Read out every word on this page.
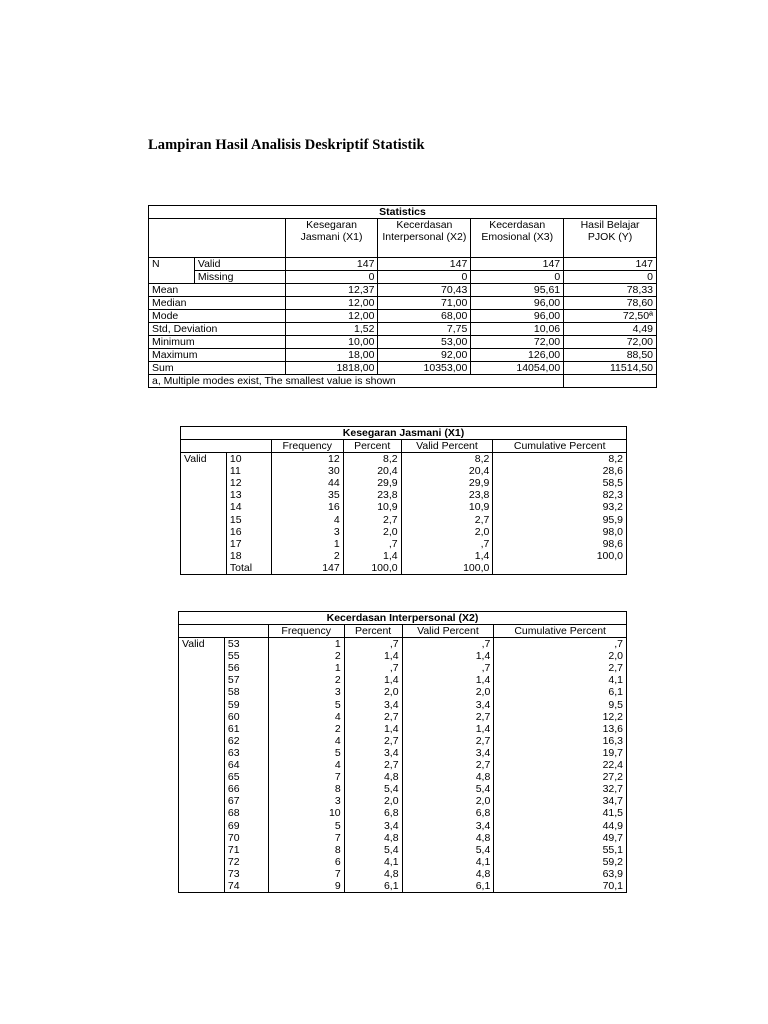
Lampiran Hasil Analisis Deskriptif Statistik
Statistics					
		Kesegaran Jasmani (X1)	Kecerdasan Interpersonal (X2)	Kecerdasan Emosional (X3)	Hasil Belajar PJOK (Y)
N	Valid	147	147	147	147
	Missing	0	0	0	0
Mean		12,37	70,43	95,61	78,33
Median		12,00	71,00	96,00	78,60
Mode		12,00	68,00	96,00	72,50ª
Std, Deviation		1,52	7,75	10,06	4,49
Minimum		10,00	53,00	72,00	72,00
Maximum		18,00	92,00	126,00	88,50
Sum		1818,00	10353,00	14054,00	11514,50
a, Multiple modes exist, The smallest value is shown					
Kesegaran Jasmani (X1)					
		Frequency	Percent	Valid Percent	Cumulative Percent
Valid	10	12	8,2	8,2	8,2
	11	30	20,4	20,4	28,6
	12	44	29,9	29,9	58,5
	13	35	23,8	23,8	82,3
	14	16	10,9	10,9	93,2
	15	4	2,7	2,7	95,9
	16	3	2,0	2,0	98,0
	17	1	,7	,7	98,6
	18	2	1,4	1,4	100,0
	Total	147	100,0	100,0	
Kecerdasan Interpersonal (X2)					
		Frequency	Percent	Valid Percent	Cumulative Percent
Valid	53	1	,7	,7	,7
	55	2	1,4	1,4	2,0
	56	1	,7	,7	2,7
	57	2	1,4	1,4	4,1
	58	3	2,0	2,0	6,1
	59	5	3,4	3,4	9,5
	60	4	2,7	2,7	12,2
	61	2	1,4	1,4	13,6
	62	4	2,7	2,7	16,3
	63	5	3,4	3,4	19,7
	64	4	2,7	2,7	22,4
	65	7	4,8	4,8	27,2
	66	8	5,4	5,4	32,7
	67	3	2,0	2,0	34,7
	68	10	6,8	6,8	41,5
	69	5	3,4	3,4	44,9
	70	7	4,8	4,8	49,7
	71	8	5,4	5,4	55,1
	72	6	4,1	4,1	59,2
	73	7	4,8	4,8	63,9
	74	9	6,1	6,1	70,1
